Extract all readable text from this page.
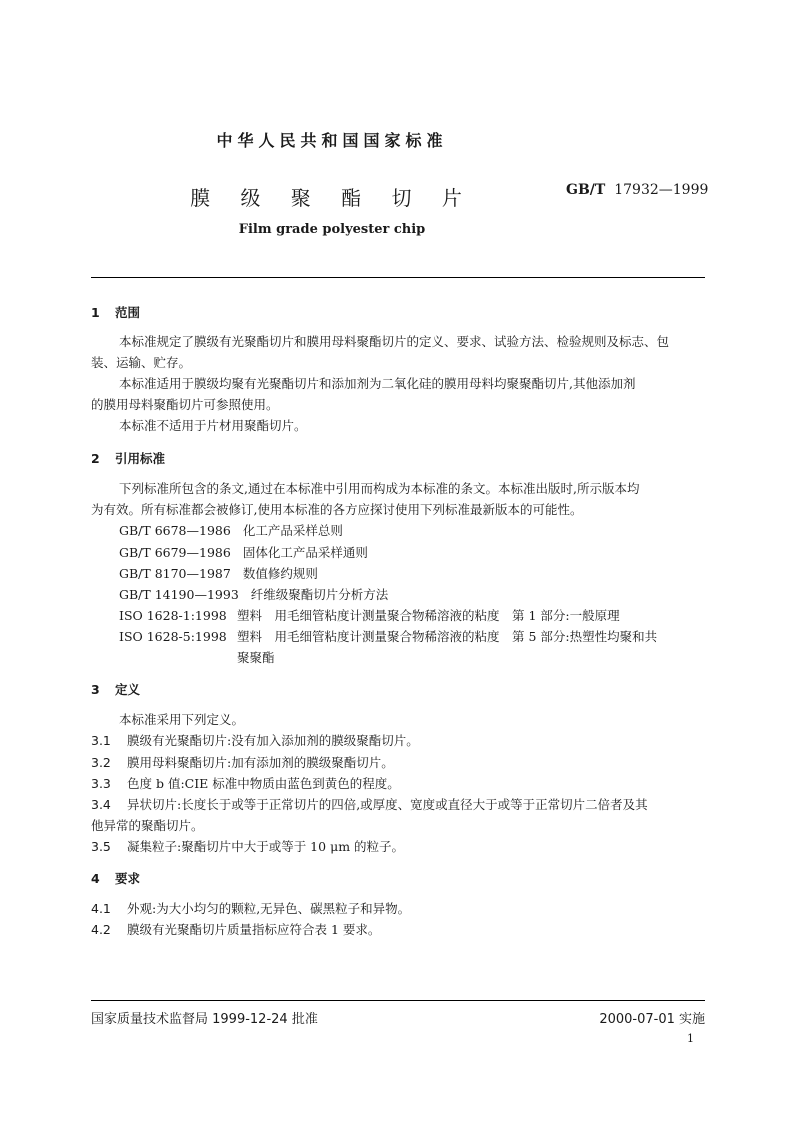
中华人民共和国国家标准
膜 级 聚 酯 切 片	GB/T 17932—1999
Film grade polyester chip
1 范围
本标准规定了膜级有光聚酯切片和膜用母料聚酯切片的定义、要求、试验方法、检验规则及标志、包
装、运输、贮存。
本标准适用于膜级均聚有光聚酯切片和添加剂为二氧化硅的膜用母料均聚聚酯切片,其他添加剂
的膜用母料聚酯切片可参照使用。
本标准不适用于片材用聚酯切片。
2 引用标准
下列标准所包含的条文,通过在本标准中引用而构成为本标准的条文。本标准出版时,所示版本均
为有效。所有标准都会被修订,使用本标准的各方应探讨使用下列标准最新版本的可能性。
GB/T 6678—1986 化工产品采样总则
GB/T 6679—1986 固体化工产品采样通则
GB/T 8170—1987 数值修约规则
GB/T 14190—1993 纤维级聚酯切片分析方法
ISO 1628-1:1998 塑料　用毛细管粘度计测量聚合物稀溶液的粘度　第 1 部分:一般原理
ISO 1628-5:1998 塑料　用毛细管粘度计测量聚合物稀溶液的粘度　第 5 部分:热塑性均聚和共
聚聚酯
3 定义
本标准采用下列定义。
3.1 膜级有光聚酯切片:没有加入添加剂的膜级聚酯切片。
3.2 膜用母料聚酯切片:加有添加剂的膜级聚酯切片。
3.3 色度 b 值:CIE 标准中物质由蓝色到黄色的程度。
3.4 异状切片:长度长于或等于正常切片的四倍,或厚度、宽度或直径大于或等于正常切片二倍者及其
他异常的聚酯切片。
3.5 凝集粒子:聚酯切片中大于或等于 10 μm 的粒子。
4 要求
4.1 外观:为大小均匀的颗粒,无异色、碳黑粒子和异物。
4.2 膜级有光聚酯切片质量指标应符合表 1 要求。
国家质量技术监督局 1999-12-24 批准	2000-07-01 实施
1
